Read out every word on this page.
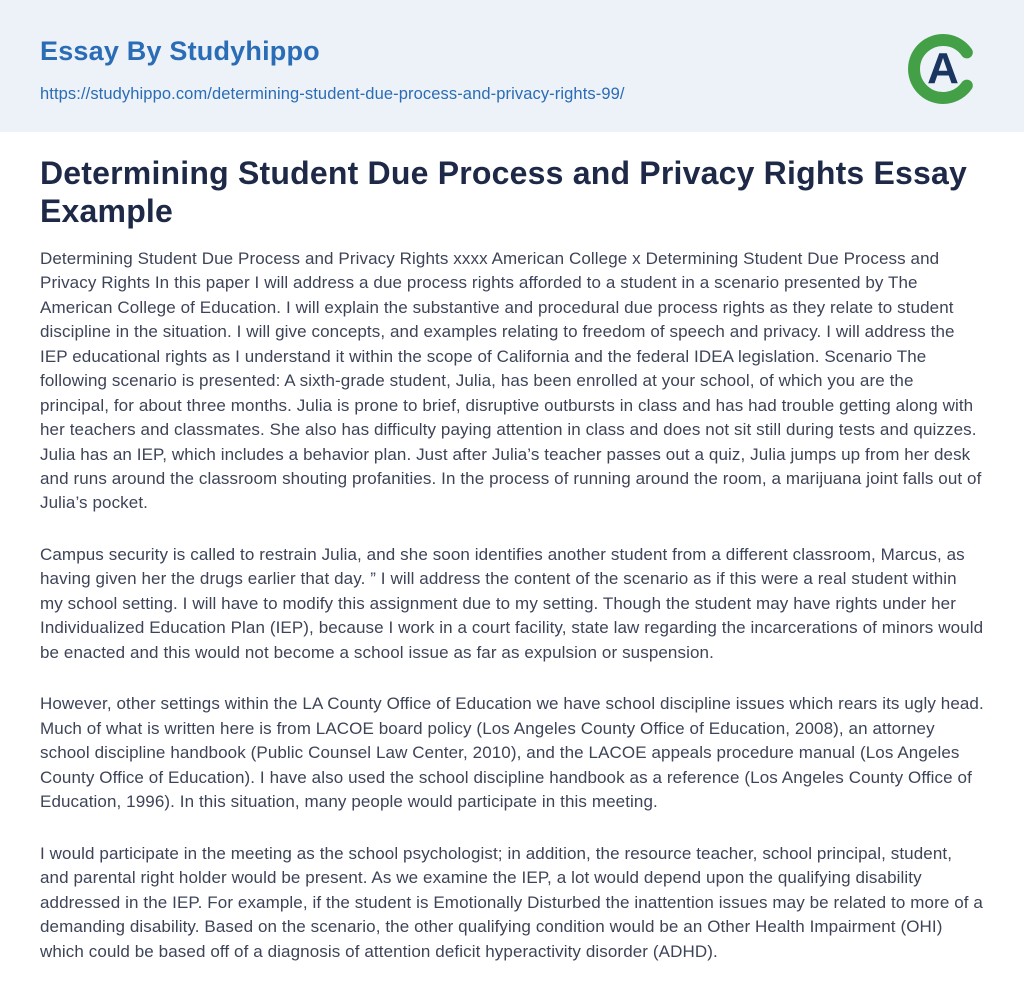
Essay By Studyhippo
https://studyhippo.com/determining-student-due-process-and-privacy-rights-99/
A
Determining Student Due Process and Privacy Rights Essay Example

Determining Student Due Process and Privacy Rights xxxx American College x Determining Student Due Process and Privacy Rights In this paper I will address a due process rights afforded to a student in a scenario presented by The American College of Education. I will explain the substantive and procedural due process rights as they relate to student discipline in the situation. I will give concepts, and examples relating to freedom of speech and privacy. I will address the IEP educational rights as I understand it within the scope of California and the federal IDEA legislation. Scenario The following scenario is presented: A sixth-grade student, Julia, has been enrolled at your school, of which you are the principal, for about three months. Julia is prone to brief, disruptive outbursts in class and has had trouble getting along with her teachers and classmates. She also has difficulty paying attention in class and does not sit still during tests and quizzes. Julia has an IEP, which includes a behavior plan. Just after Julia’s teacher passes out a quiz, Julia jumps up from her desk and runs around the classroom shouting profanities. In the process of running around the room, a marijuana joint falls out of Julia’s pocket.

Campus security is called to restrain Julia, and she soon identifies another student from a different classroom, Marcus, as having given her the drugs earlier that day. ” I will address the content of the scenario as if this were a real student within my school setting. I will have to modify this assignment due to my setting. Though the student may have rights under her Individualized Education Plan (IEP), because I work in a court facility, state law regarding the incarcerations of minors would be enacted and this would not become a school issue as far as expulsion or suspension.

However, other settings within the LA County Office of Education we have school discipline issues which rears its ugly head. Much of what is written here is from LACOE board policy (Los Angeles County Office of Education, 2008), an attorney school discipline handbook (Public Counsel Law Center, 2010), and the LACOE appeals procedure manual (Los Angeles County Office of Education). I have also used the school discipline handbook as a reference (Los Angeles County Office of Education, 1996). In this situation, many people would participate in this meeting.

I would participate in the meeting as the school psychologist; in addition, the resource teacher, school principal, student, and parental right holder would be present. As we examine the IEP, a lot would depend upon the qualifying disability addressed in the IEP. For example, if the student is Emotionally Disturbed the inattention issues may be related to more of a demanding disability. Based on the scenario, the other qualifying condition would be an Other Health Impairment (OHI) which could be based off of a diagnosis of attention deficit hyperactivity disorder (ADHD).
